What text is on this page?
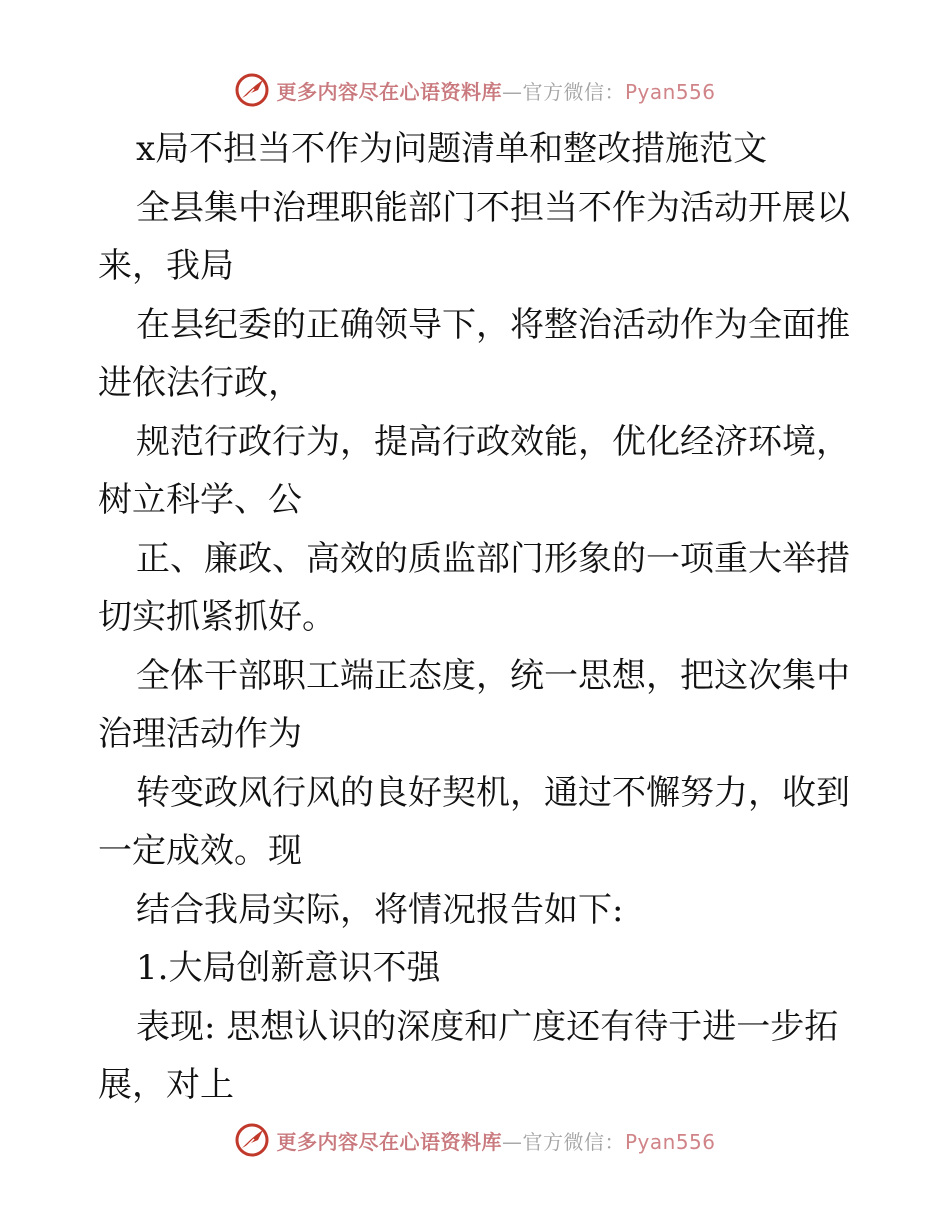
更多内容尽在心语资料库—官方微信：Pyan556
x局不担当不作为问题清单和整改措施范文
全县集中治理职能部门不担当不作为活动开展以
来，我局
在县纪委的正确领导下，将整治活动作为全面推
进依法行政，
规范行政行为，提高行政效能，优化经济环境，
树立科学、公
正、廉政、高效的质监部门形象的一项重大举措
切实抓紧抓好。
全体干部职工端正态度，统一思想，把这次集中
治理活动作为
转变政风行风的良好契机，通过不懈努力，收到
一定成效。现
结合我局实际，将情况报告如下:
1.大局创新意识不强
表现: 思想认识的深度和广度还有待于进一步拓
展，对上
更多内容尽在心语资料库—官方微信：Pyan556
